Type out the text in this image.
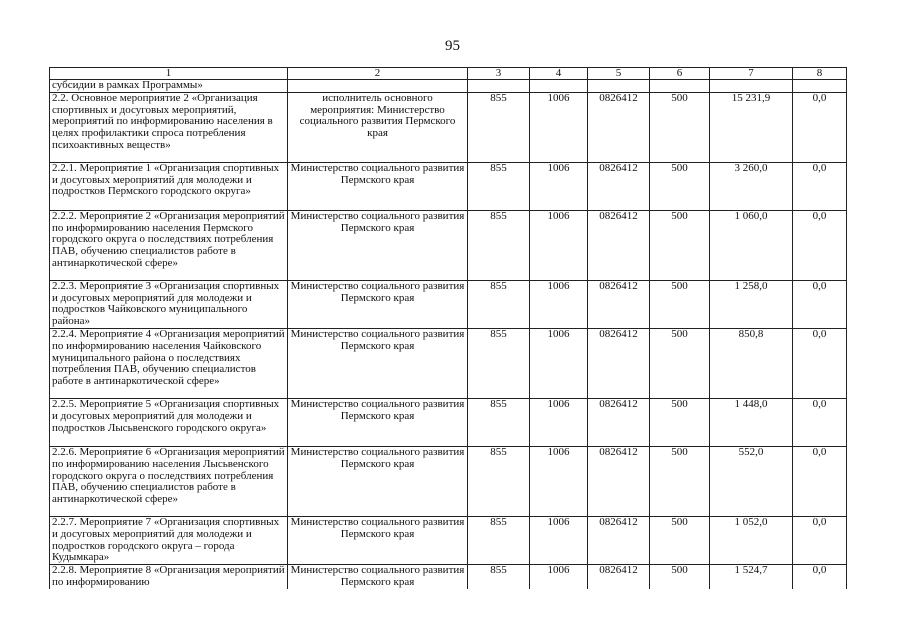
95
1	2	3	4	5	6	7	8
субсидии в рамках Программы»							
2.2. Основное мероприятие 2 «Организация спортивных и досуговых мероприятий, мероприятий по информированию населения в целях профилактики спроса потребления психоактивных веществ»	исполнитель основного мероприятия: Министерство социального развития Пермского края	855	1006	0826412	500	15 231,9	0,0
2.2.1. Мероприятие 1 «Организация спортивных и досуговых мероприятий для молодежи и подростков Пермского городского округа»	Министерство социального развития Пермского края	855	1006	0826412	500	3 260,0	0,0
2.2.2. Мероприятие 2 «Организация мероприятий по информированию населения Пермского городского округа о последствиях потребления ПАВ, обучению специалистов работе в антинаркотической сфере»	Министерство социального развития Пермского края	855	1006	0826412	500	1 060,0	0,0
2.2.3. Мероприятие 3 «Организация спортивных и досуговых мероприятий для молодежи и подростков Чайковского муниципального района»	Министерство социального развития Пермского края	855	1006	0826412	500	1 258,0	0,0
2.2.4. Мероприятие 4 «Организация мероприятий по информированию населения Чайковского муниципального района о последствиях потребления ПАВ, обучению специалистов работе в антинаркотической сфере»	Министерство социального развития Пермского края	855	1006	0826412	500	850,8	0,0
2.2.5. Мероприятие 5 «Организация спортивных и досуговых мероприятий для молодежи и подростков Лысьвенского городского округа»	Министерство социального развития Пермского края	855	1006	0826412	500	1 448,0	0,0
2.2.6. Мероприятие 6 «Организация мероприятий по информированию населения Лысьвенского городского округа о последствиях потребления ПАВ, обучению специалистов работе в антинаркотической сфере»	Министерство социального развития Пермского края	855	1006	0826412	500	552,0	0,0
2.2.7. Мероприятие 7 «Организация спортивных и досуговых мероприятий для молодежи и подростков городского округа – города Кудымкара»	Министерство социального развития Пермского края	855	1006	0826412	500	1 052,0	0,0
2.2.8. Мероприятие 8 «Организация мероприятий по информированию	Министерство социального развития Пермского края	855	1006	0826412	500	1 524,7	0,0
